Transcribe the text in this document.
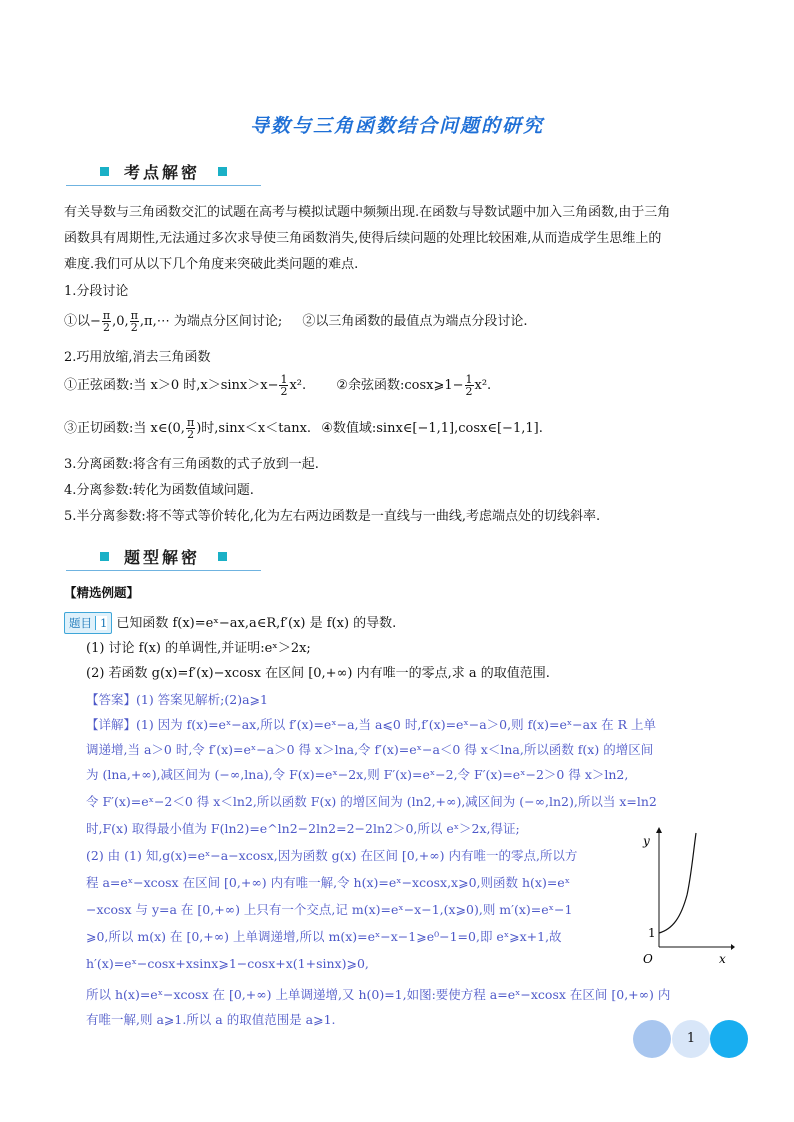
导数与三角函数结合问题的研究
考点解密
有关导数与三角函数交汇的试题在高考与模拟试题中频频出现.在函数与导数试题中加入三角函数,由于三角
函数具有周期性,无法通过多次求导使三角函数消失,使得后续问题的处理比较困难,从而造成学生思维上的
难度.我们可从以下几个角度来突破此类问题的难点.
1.分段讨论
①以− $\frac{\pi}{2} ,0$, $\frac{\pi}{2}$ ,π,⋯ 为端点分区间讨论; ②以三角函数的最值点为端点分段讨论.
2.巧用放缩,消去三角函数
①正弦函数:当 x＞0 时$,x>\sin x>x- \frac{1}{2} x^2$. ②余弦函数:cosx⩾1− $\frac{1}{2} x^2$.
③正切函数:当 x∈(0, $\frac{\pi}{2}$ )时,sinx＜x＜tanx. ④数值域:sinx∈[−1,1],cosx∈[−1,1].
3.分离函数:将含有三角函数的式子放到一起.
4.分离参数:转化为函数值域问题.
5.半分离参数:将不等式等价转化,化为左右两边函数是一直线与一曲线,考虑端点处的切线斜率.
题型解密
【精选例题】
题目 1 已知函数 f(x)=eˣ−ax,a∈R,f′(x) 是 f(x) 的导数.
(1) 讨论 f(x) 的单调性,并证明:eˣ＞2x;
(2) 若函数 g(x)=f′(x)−xcosx 在区间 [0,+∞) 内有唯一的零点,求 a 的取值范围.
【答案】(1) 答案见解析;(2)a⩾1
【详解】(1) 因为 f(x)=eˣ−ax,所以 f′(x)=eˣ−a,当 a⩽0 时,f′(x)=eˣ−a＞0,则 f(x)=eˣ−ax 在 R 上单
调递增,当 a＞0 时,令 f′(x)=eˣ−a＞0 得 x＞lna,令 f′(x)=eˣ−a＜0 得 x＜lna,所以函数 f(x) 的增区间
为 (lna,+∞),减区间为 (−∞,lna),令 F(x)=eˣ−2x,则 F′(x)=eˣ−2,令 F′(x)=eˣ−2＞0 得 x＞ln2,
令 F′(x)=eˣ−2＜0 得 x＜ln2,所以函数 F(x) 的增区间为 (ln2,+∞),减区间为 (−∞,ln2),所以当 x=ln2
时,F(x) 取得最小值为 F(ln2)=e^ln2−2ln2=2−2ln2＞0,所以 eˣ＞2x,得证;
(2) 由 (1) 知,g(x)=eˣ−a−xcosx,因为函数 g(x) 在区间 [0,+∞) 内有唯一的零点,所以方
程 a=eˣ−xcosx 在区间 [0,+∞) 内有唯一解,令 h(x)=eˣ−xcosx,x⩾0,则函数 h(x)=eˣ
−xcosx 与 y=a 在 [0,+∞) 上只有一个交点,记 m(x)=eˣ−x−1,(x⩾0),则 m′(x)=eˣ−1
⩾0,所以 m(x) 在 [0,+∞) 上单调递增,所以 m(x)=eˣ−x−1⩾e⁰−1=0,即 eˣ⩾x+1,故
h′(x)=eˣ−cosx+xsinx⩾1−cosx+x(1+sinx)⩾0,
所以 h(x)=eˣ−xcosx 在 [0,+∞) 上单调递增,又 h(0)=1,如图:要使方程 a=eˣ−xcosx 在区间 [0,+∞) 内
有唯一解,则 a⩾1.所以 a 的取值范围是 a⩾1.
y
x
O
1
1
